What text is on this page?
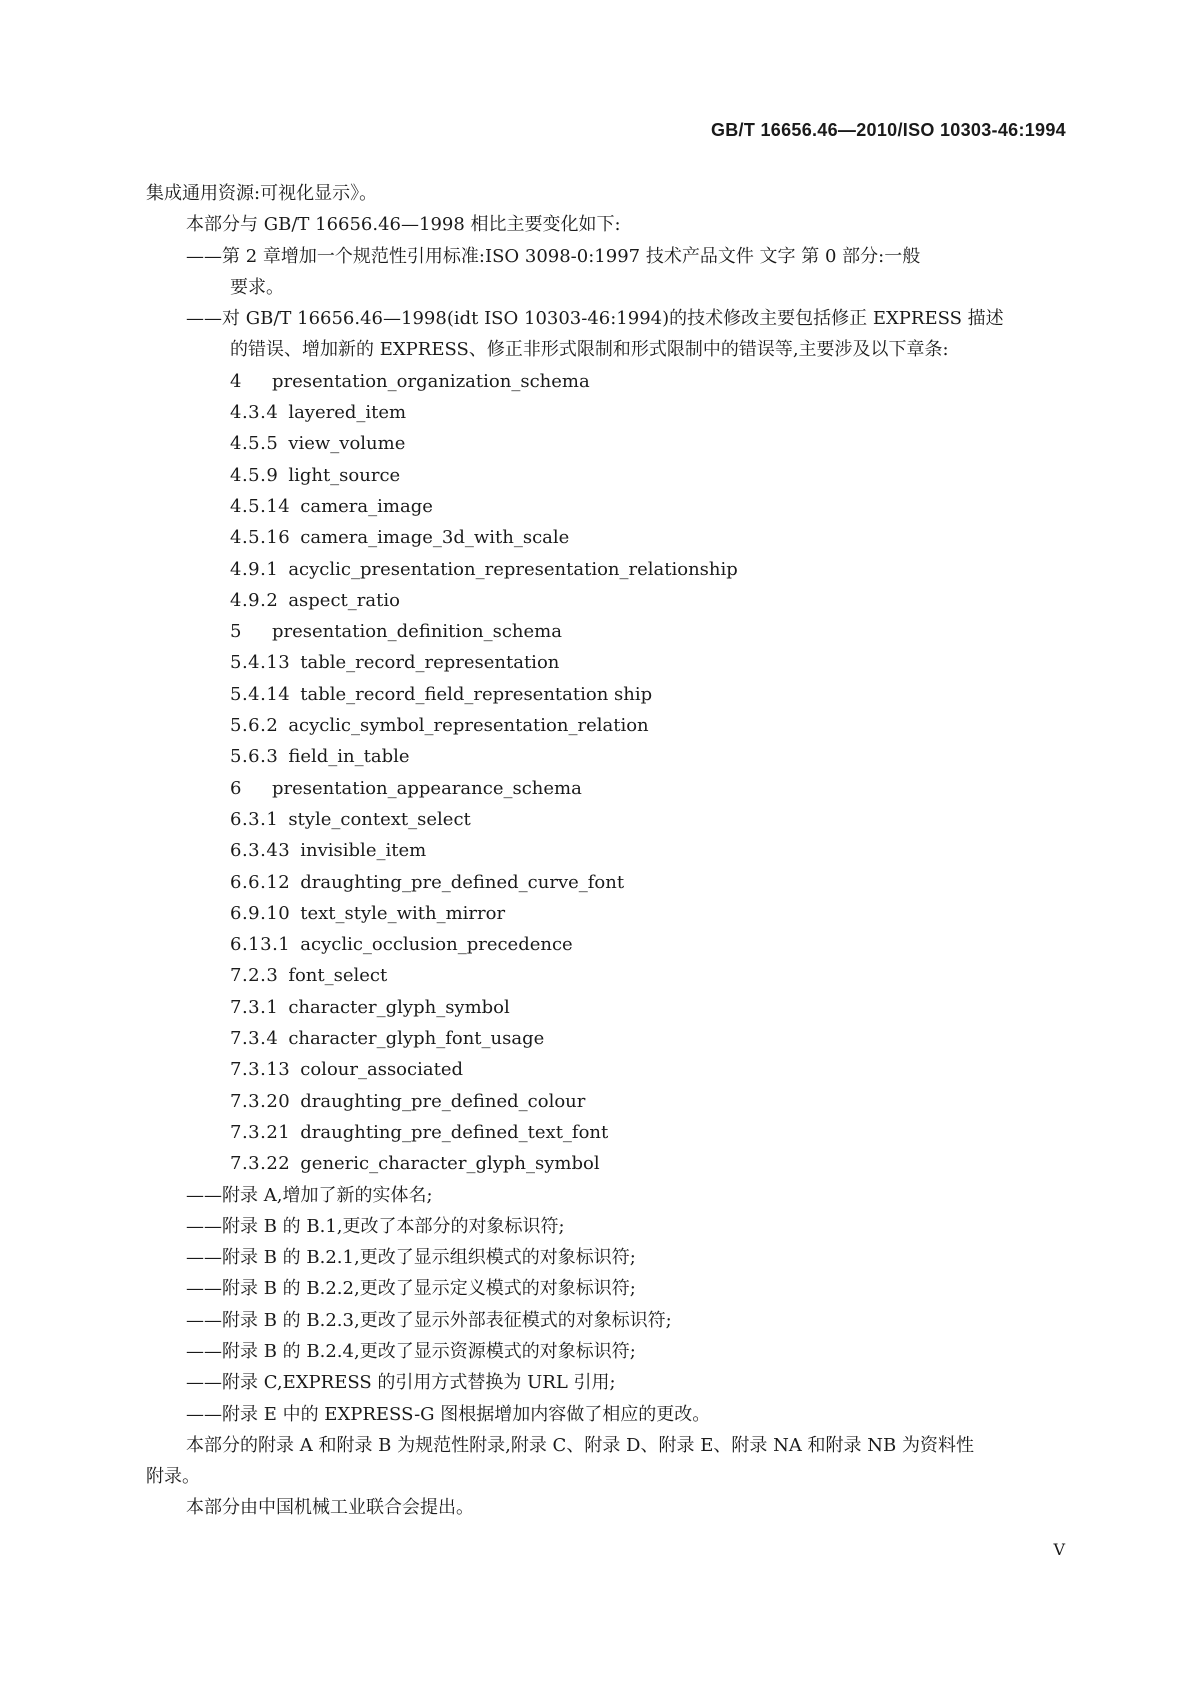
GB/T 16656.46—2010/ISO 10303-46:1994
集成通用资源:可视化显示》。
本部分与 GB/T 16656.46—1998 相比主要变化如下:
——第 2 章增加一个规范性引用标准:ISO 3098-0:1997 技术产品文件 文字 第 0 部分:一般
要求。
——对 GB/T 16656.46—1998(idt ISO 10303-46:1994)的技术修改主要包括修正 EXPRESS 描述
的错误、增加新的 EXPRESS、修正非形式限制和形式限制中的错误等,主要涉及以下章条:
4 presentation_organization_schema
4.3.4 layered_item
4.5.5 view_volume
4.5.9 light_source
4.5.14 camera_image
4.5.16 camera_image_3d_with_scale
4.9.1 acyclic_presentation_representation_relationship
4.9.2 aspect_ratio
5 presentation_definition_schema
5.4.13 table_record_representation
5.4.14 table_record_field_representation ship
5.6.2 acyclic_symbol_representation_relation
5.6.3 field_in_table
6 presentation_appearance_schema
6.3.1 style_context_select
6.3.43 invisible_item
6.6.12 draughting_pre_defined_curve_font
6.9.10 text_style_with_mirror
6.13.1 acyclic_occlusion_precedence
7.2.3 font_select
7.3.1 character_glyph_symbol
7.3.4 character_glyph_font_usage
7.3.13 colour_associated
7.3.20 draughting_pre_defined_colour
7.3.21 draughting_pre_defined_text_font
7.3.22 generic_character_glyph_symbol
——附录 A,增加了新的实体名;
——附录 B 的 B.1,更改了本部分的对象标识符;
——附录 B 的 B.2.1,更改了显示组织模式的对象标识符;
——附录 B 的 B.2.2,更改了显示定义模式的对象标识符;
——附录 B 的 B.2.3,更改了显示外部表征模式的对象标识符;
——附录 B 的 B.2.4,更改了显示资源模式的对象标识符;
——附录 C,EXPRESS 的引用方式替换为 URL 引用;
——附录 E 中的 EXPRESS-G 图根据增加内容做了相应的更改。
本部分的附录 A 和附录 B 为规范性附录,附录 C、附录 D、附录 E、附录 NA 和附录 NB 为资料性
附录。
本部分由中国机械工业联合会提出。
V
